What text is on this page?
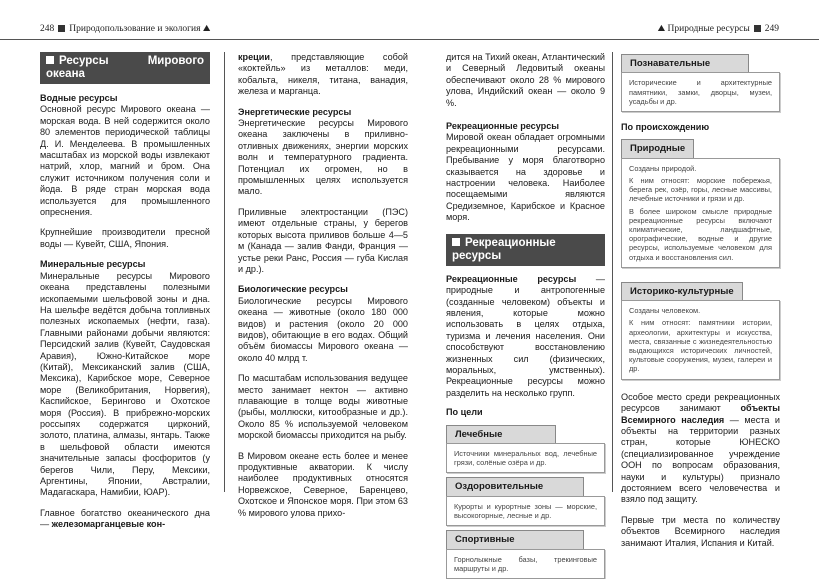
248 Природопользование и экология ⛰	⛰ Природные ресурсы 249
Ресурсы Мирового океана
Водные ресурсы

Основной ресурс Мирового океана — морская вода. В ней содержится около 80 элементов периодической таблицы Д. И. Менделеева. В промышленных масштабах из морской воды извлекают натрий, хлор, магний и бром. Она служит источником получения соли и йода. В ряде стран морская вода используется для промышленного опреснения.

Крупнейшие производители пресной воды — Кувейт, США, Япония.

Минеральные ресурсы

Минеральные ресурсы Мирового океана представлены полезными ископаемыми шельфовой зоны и дна. На шельфе ведётся добыча топливных полезных ископаемых (нефти, газа). Главными районами добычи являются: Персидский залив (Кувейт, Саудовская Аравия), Южно-Китайское море (Китай), Мексиканский залив (США, Мексика), Карибское море, Северное море (Великобритания, Норвегия), Каспийское, Берингово и Охотское моря (Россия). В прибрежно-морских россыпях содержатся цирконий, золото, платина, алмазы, янтарь. Также в шельфовой области имеются значительные запасы фосфоритов (у берегов Чили, Перу, Мексики, Аргентины, Японии, Австралии, Мадагаскара, Намибии, ЮАР).

Главное богатство океанического дна — железомарганцевые кон-

креции, представляющие собой «коктейль» из металлов: меди, кобальта, никеля, титана, ванадия, железа и марганца.

Энергетические ресурсы

Энергетические ресурсы Мирового океана заключены в приливно-отливных движениях, энергии морских волн и температурного градиента. Потенциал их огромен, но в промышленных целях используется мало.

Приливные электростанции (ПЭС) имеют отдельные страны, у берегов которых высота приливов больше 4—5 м (Канада — залив Фанди, Франция — устье реки Ранс, Россия — губа Кислая и др.).

Биологические ресурсы

Биологические ресурсы Мирового океана — животные (около 180 000 видов) и растения (около 20 000 видов), обитающие в его водах. Общий объём биомассы Мирового океана — около 40 млрд т.

По масштабам использования ведущее место занимает нектон — активно плавающие в толще воды животные (рыбы, моллюски, китообразные и др.). Около 85 % используемой человеком морской биомассы приходится на рыбу.

В Мировом океане есть более и менее продуктивные акватории. К числу наиболее продуктивных относятся Норвежское, Северное, Баренцево, Охотское и Японское моря. При этом 63 % мирового улова прихо-

дится на Тихий океан, Атлантический и Северный Ледовитый океаны обеспечивают около 28 % мирового улова, Индийский океан — около 9 %.

Рекреационные ресурсы

Мировой океан обладает огромными рекреационными ресурсами. Пребывание у моря благотворно сказывается на здоровье и настроении человека. Наиболее посещаемыми являются Средиземное, Карибское и Красное моря.

Рекреационные ресурсы

Рекреационные ресурсы — природные и антропогенные (созданные человеком) объекты и явления, которые можно использовать в целях отдыха, туризма и лечения населения. Они способствуют восстановлению жизненных сил (физических, моральных, умственных). Рекреационные ресурсы можно разделить на несколько групп.

По цели
Лечебные
Источники минеральных вод, лечебные грязи, солёные озёра и др.
Оздоровительные
Курорты и курортные зоны — морские, высокогорные, лесные и др.
Спортивные
Горнолыжные базы, трекинговые маршруты и др.
Познавательные
Исторические и архитектурные памятники, замки, дворцы, музеи, усадьбы и др.
По происхождению
Природные

Созданы природой.

К ним относят: морские побережья, берега рек, озёр, горы, лесные массивы, лечебные источники и грязи и др.

В более широком смысле природные рекреационные ресурсы включают климатические, ландшафтные, орографические, водные и другие ресурсы, используемые человеком для отдыха и восстановления сил.

Историко-культурные

Созданы человеком.

К ним относят: памятники истории, археологии, архитектуры и искусства, места, связанные с жизнедеятельностью выдающихся исторических личностей, культовые сооружения, музеи, галереи и др.

Особое место среди рекреационных ресурсов занимают объекты Всемирного наследия — места и объекты на территории разных стран, которые ЮНЕСКО (специализированное учреждение ООН по вопросам образования, науки и культуры) признало достоянием всего человечества и взяло под защиту.

Первые три места по количеству объектов Всемирного наследия занимают Италия, Испания и Китай.
